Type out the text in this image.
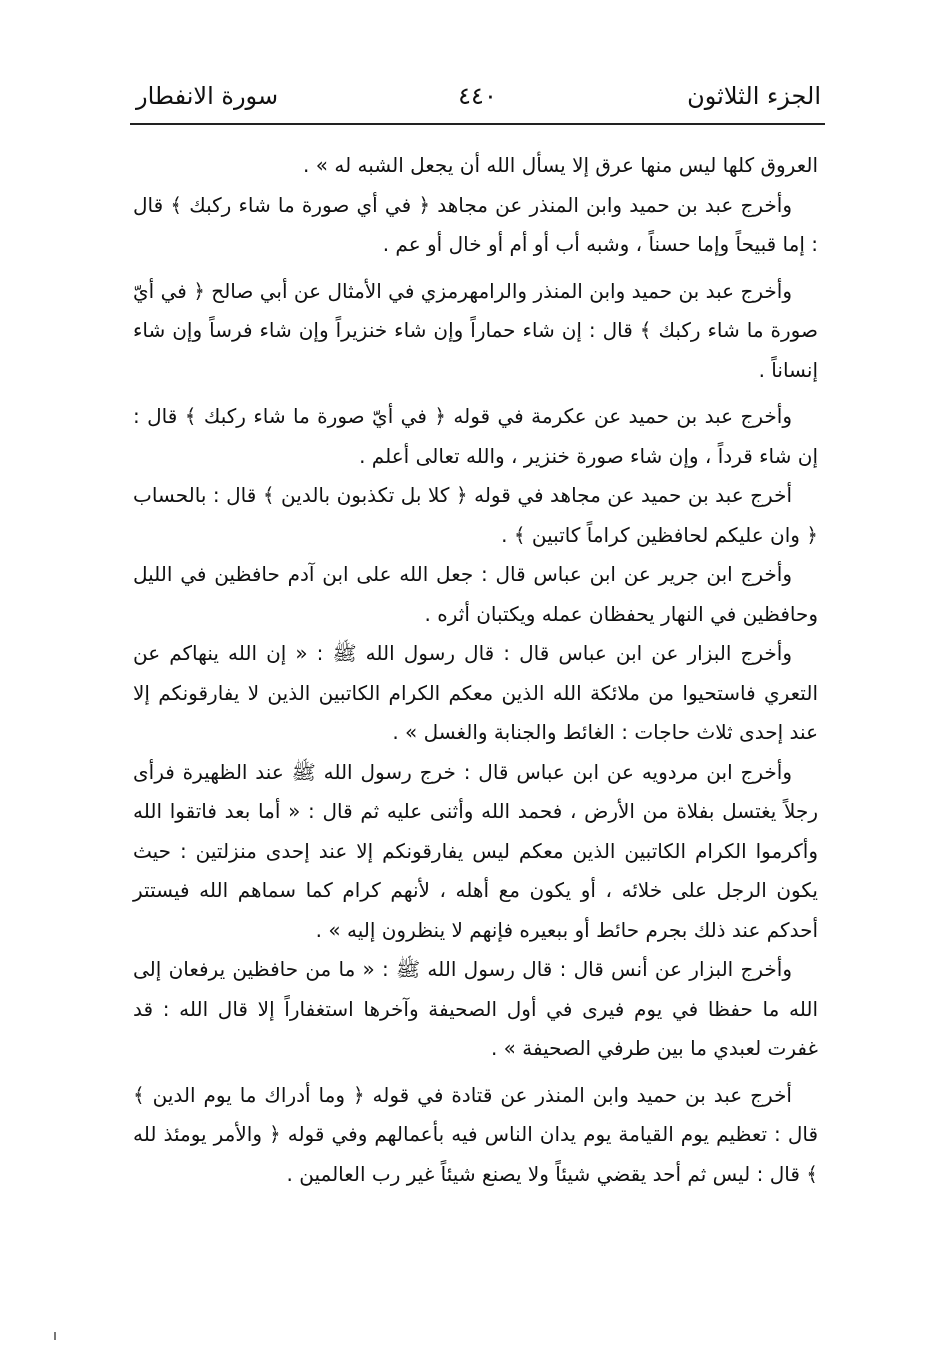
الجزء الثلاثون
٤٤٠
سورة الانفطار

العروق كلها ليس منها عرق إلا يسأل الله أن يجعل الشبه له » .

وأخرج عبد بن حميد وابن المنذر عن مجاهد ﴿ في أي صورة ما شاء ركبك ﴾ قال : إما قبيحاً وإما حسناً ، وشبه أب أو أم أو خال أو عم .

وأخرج عبد بن حميد وابن المنذر والرامهرمزي في الأمثال عن أبي صالح ﴿ في أيّ صورة ما شاء ركبك ﴾ قال : إن شاء حماراً وإن شاء خنزيراً وإن شاء فرساً وإن شاء إنساناً .

وأخرج عبد بن حميد عن عكرمة في قوله ﴿ في أيّ صورة ما شاء ركبك ﴾ قال : إن شاء قرداً ، وإن شاء صورة خنزير ، والله تعالى أعلم .

أخرج عبد بن حميد عن مجاهد في قوله ﴿ كلا بل تكذبون بالدين ﴾ قال : بالحساب ﴿ وان عليكم لحافظين كراماً كاتبين ﴾ .

وأخرج ابن جرير عن ابن عباس قال : جعل الله على ابن آدم حافظين في الليل وحافظين في النهار يحفظان عمله ويكتبان أثره .

وأخرج البزار عن ابن عباس قال : قال رسول الله ﷺ : « إن الله ينهاكم عن التعري فاستحيوا من ملائكة الله الذين معكم الكرام الكاتبين الذين لا يفارقونكم إلا عند إحدى ثلاث حاجات : الغائط والجنابة والغسل » .

وأخرج ابن مردويه عن ابن عباس قال : خرج رسول الله ﷺ عند الظهيرة فرأى رجلاً يغتسل بفلاة من الأرض ، فحمد الله وأثنى عليه ثم قال : « أما بعد فاتقوا الله وأكرموا الكرام الكاتبين الذين معكم ليس يفارقونكم إلا عند إحدى منزلتين : حيث يكون الرجل على خلائه ، أو يكون مع أهله ، لأنهم كرام كما سماهم الله فيستتر أحدكم عند ذلك بجرم حائط أو ببعيره فإنهم لا ينظرون إليه » .

وأخرج البزار عن أنس قال : قال رسول الله ﷺ : « ما من حافظين يرفعان إلى الله ما حفظا في يوم فيرى في أول الصحيفة وآخرها استغفاراً إلا قال الله : قد غفرت لعبدي ما بين طرفي الصحيفة » .

أخرج عبد بن حميد وابن المنذر عن قتادة في قوله ﴿ وما أدراك ما يوم الدين ﴾ قال : تعظيم يوم القيامة يوم يدان الناس فيه بأعمالهم وفي قوله ﴿ والأمر يومئذ لله ﴾ قال : ليس ثم أحد يقضي شيئاً ولا يصنع شيئاً غير رب العالمين .
